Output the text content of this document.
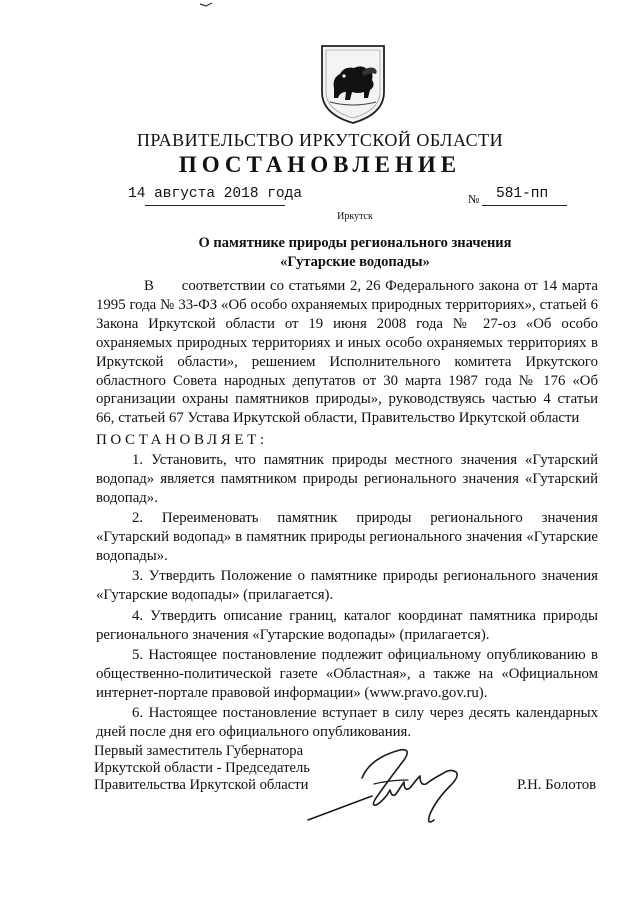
ПРАВИТЕЛЬСТВО ИРКУТСКОЙ ОБЛАСТИ
ПОСТАНОВЛЕНИЕ
14 августа 2018 года	№ 581-пп
Иркутск
О памятнике природы регионального значения
«Гутарские водопады»
В соответствии со статьями 2, 26 Федерального закона от 14 марта 1995 года № 33-ФЗ «Об особо охраняемых природных территориях», статьей 6 Закона Иркутской области от 19 июня 2008 года № 27-оз «Об особо охраняемых природных территориях и иных особо охраняемых территориях в Иркутской области», решением Исполнительного комитета Иркутского областного Совета народных депутатов от 30 марта 1987 года № 176 «Об организации охраны памятников природы», руководствуясь частью 4 статьи 66, статьей 67 Устава Иркутской области, Правительство Иркутской области
ПОСТАНОВЛЯЕТ:

1. Установить, что памятник природы местного значения «Гутарский водопад» является памятником природы регионального значения «Гутарский водопад».

2. Переименовать памятник природы регионального значения «Гутарский водопад» в памятник природы регионального значения «Гутарские водопады».

3. Утвердить Положение о памятнике природы регионального значения «Гутарские водопады» (прилагается).

4. Утвердить описание границ, каталог координат памятника природы регионального значения «Гутарские водопады» (прилагается).

5. Настоящее постановление подлежит официальному опубликованию в общественно-политической газете «Областная», а также на «Официальном интернет-портале правовой информации» (www.pravo.gov.ru).

6. Настоящее постановление вступает в силу через десять календарных дней после дня его официального опубликования.

Первый заместитель Губернатора
Иркутской области - Председатель
Правительства Иркутской области	Р.Н. Болотов
